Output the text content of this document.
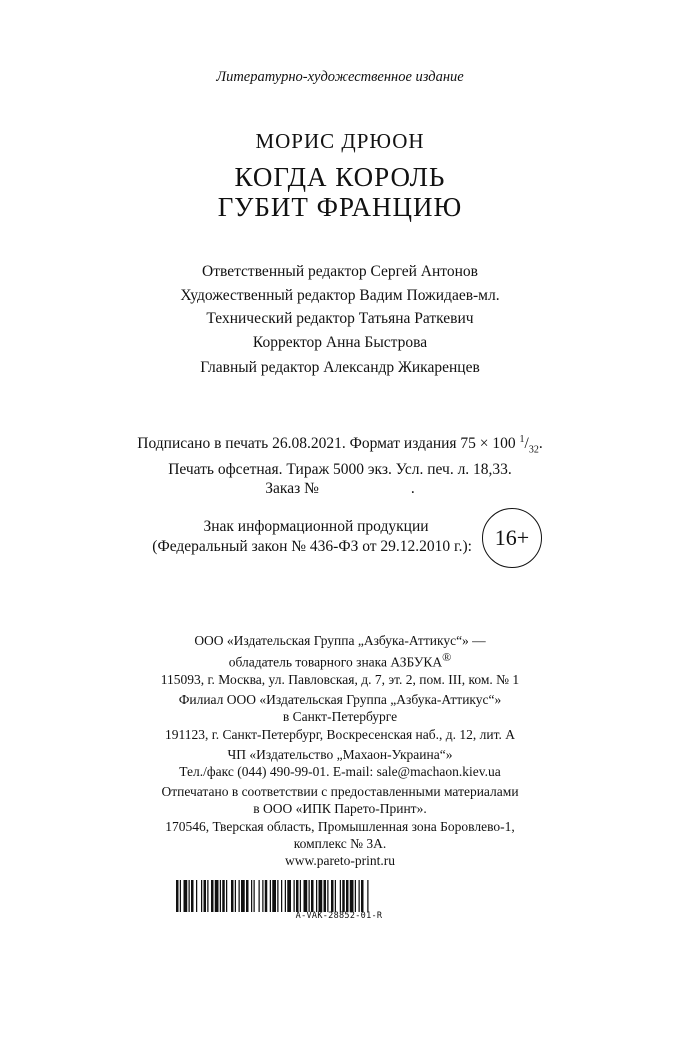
Литературно-художественное издание
МОРИС ДРЮОН
КОГДА КОРОЛЬ
ГУБИТ ФРАНЦИЮ
Ответственный редактор Сергей Антонов
Художественный редактор Вадим Пожидаев-мл.
Технический редактор Татьяна Раткевич
Корректор Анна Быстрова
Главный редактор Александр Жикаренцев
Подписано в печать 26.08.2021. Формат издания 75 × 100 $^1/_{32}$.
Печать офсетная. Тираж 5000 экз. Усл. печ. л. 18,33.
Заказ №	.
Знак информационной продукции
(Федеральный закон № 436-ФЗ от 29.12.2010 г.):	16+
ООО «Издательская Группа „Азбука-Аттикус“» —
обладатель товарного знака АЗБУКА®
115093, г. Москва, ул. Павловская, д. 7, эт. 2, пом. III, ком. № 1
Филиал ООО «Издательская Группа „Азбука-Аттикус“»
в Санкт-Петербурге
191123, г. Санкт-Петербург, Воскресенская наб., д. 12, лит. А
ЧП «Издательство „Махаон-Украина“»
Тел./факс (044) 490-99-01. E-mail: sale@machaon.kiev.ua
Отпечатано в соответствии с предоставленными материалами
в ООО «ИПК Парето-Принт».
170546, Тверская область, Промышленная зона Боровлево-1,
комплекс № 3А.
www.pareto-print.ru
A-VAK-28852-01-R
